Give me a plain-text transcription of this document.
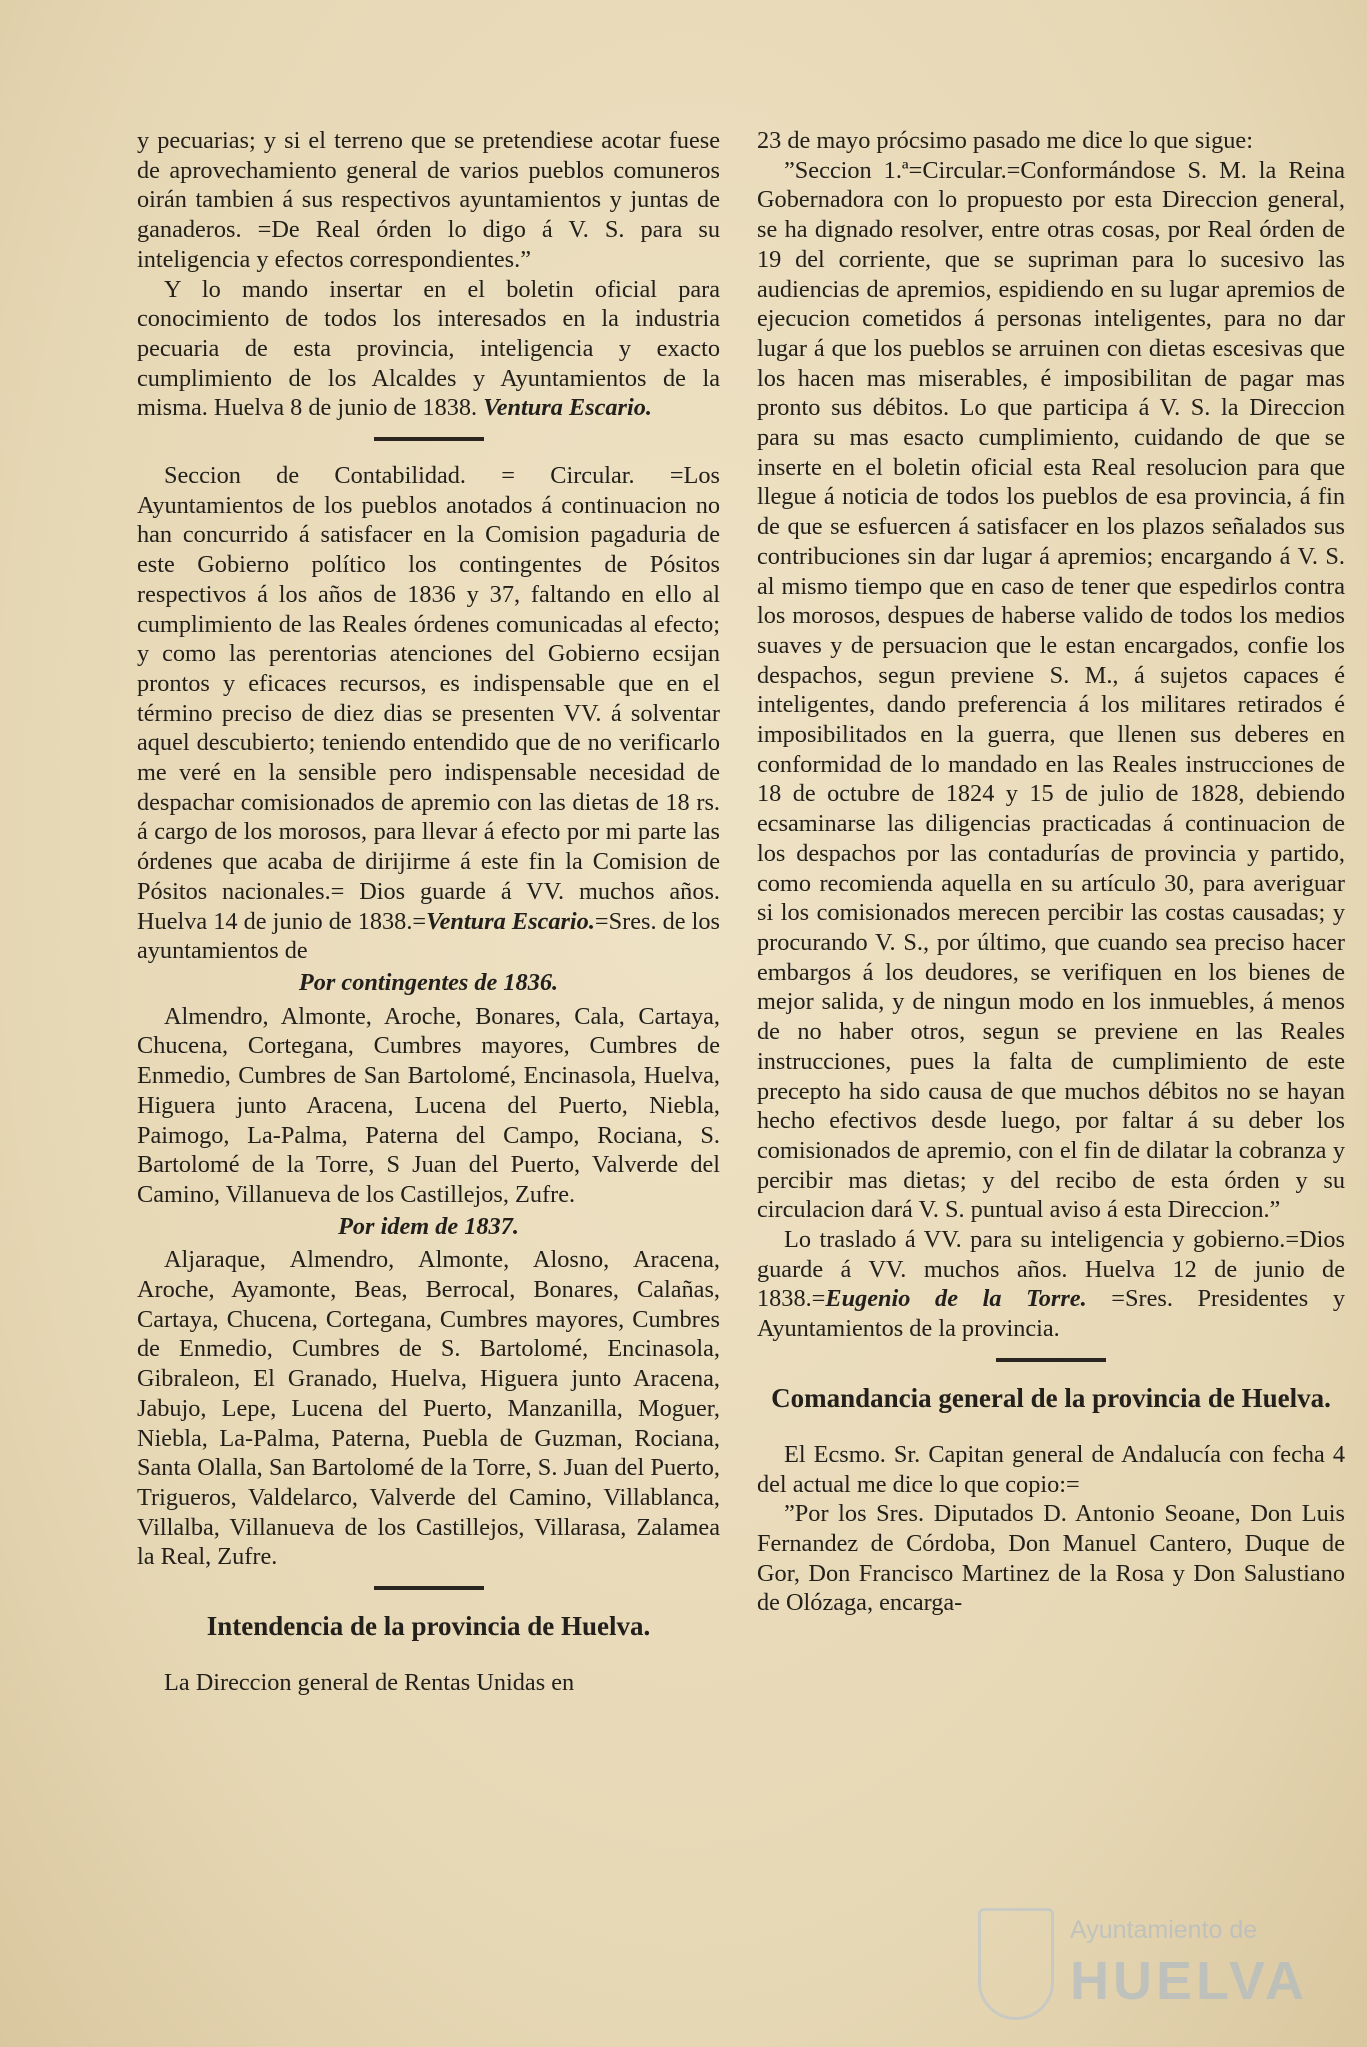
y pecuarias; y si el terreno que se pretendiese acotar fuese de aprovechamiento general de varios pueblos comuneros oirán tambien á sus respectivos ayuntamientos y juntas de ganaderos. =De Real órden lo digo á V. S. para su inteligencia y efectos correspondientes.”

Y lo mando insertar en el boletin oficial para conocimiento de todos los interesados en la industria pecuaria de esta provincia, inteligencia y exacto cumplimiento de los Alcaldes y Ayuntamientos de la misma. Huelva 8 de junio de 1838. Ventura Escario.

Seccion de Contabilidad. = Circular. =Los Ayuntamientos de los pueblos anotados á continuacion no han concurrido á satisfacer en la Comision pagaduria de este Gobierno político los contingentes de Pósitos respectivos á los años de 1836 y 37, faltando en ello al cumplimiento de las Reales órdenes comunicadas al efecto; y como las perentorias atenciones del Gobierno ecsijan prontos y eficaces recursos, es indispensable que en el término preciso de diez dias se presenten VV. á solventar aquel descubierto; teniendo entendido que de no verificarlo me veré en la sensible pero indispensable necesidad de despachar comisionados de apremio con las dietas de 18 rs. á cargo de los morosos, para llevar á efecto por mi parte las órdenes que acaba de dirijirme á este fin la Comision de Pósitos nacionales.= Dios guarde á VV. muchos años. Huelva 14 de junio de 1838.=Ventura Escario.=Sres. de los ayuntamientos de

Por contingentes de 1836.

Almendro, Almonte, Aroche, Bonares, Cala, Cartaya, Chucena, Cortegana, Cumbres mayores, Cumbres de Enmedio, Cumbres de San Bartolomé, Encinasola, Huelva, Higuera junto Aracena, Lucena del Puerto, Niebla, Paimogo, La-Palma, Paterna del Campo, Rociana, S. Bartolomé de la Torre, S Juan del Puerto, Valverde del Camino, Villanueva de los Castillejos, Zufre.

Por idem de 1837.

Aljaraque, Almendro, Almonte, Alosno, Aracena, Aroche, Ayamonte, Beas, Berrocal, Bonares, Calañas, Cartaya, Chucena, Cortegana, Cumbres mayores, Cumbres de Enmedio, Cumbres de S. Bartolomé, Encinasola, Gibraleon, El Granado, Huelva, Higuera junto Aracena, Jabujo, Lepe, Lucena del Puerto, Manzanilla, Moguer, Niebla, La-Palma, Paterna, Puebla de Guzman, Rociana, Santa Olalla, San Bartolomé de la Torre, S. Juan del Puerto, Trigueros, Valdelarco, Valverde del Camino, Villablanca, Villalba, Villanueva de los Castillejos, Villarasa, Zalamea la Real, Zufre.

Intendencia de la provincia de Huelva.

La Direccion general de Rentas Unidas en

23 de mayo prócsimo pasado me dice lo que sigue:

”Seccion 1.ª=Circular.=Conformándose S. M. la Reina Gobernadora con lo propuesto por esta Direccion general, se ha dignado resolver, entre otras cosas, por Real órden de 19 del corriente, que se supriman para lo sucesivo las audiencias de apremios, espidiendo en su lugar apremios de ejecucion cometidos á personas inteligentes, para no dar lugar á que los pueblos se arruinen con dietas escesivas que los hacen mas miserables, é imposibilitan de pagar mas pronto sus débitos. Lo que participa á V. S. la Direccion para su mas esacto cumplimiento, cuidando de que se inserte en el boletin oficial esta Real resolucion para que llegue á noticia de todos los pueblos de esa provincia, á fin de que se esfuercen á satisfacer en los plazos señalados sus contribuciones sin dar lugar á apremios; encargando á V. S. al mismo tiempo que en caso de tener que espedirlos contra los morosos, despues de haberse valido de todos los medios suaves y de persuacion que le estan encargados, confie los despachos, segun previene S. M., á sujetos capaces é inteligentes, dando preferencia á los militares retirados é imposibilitados en la guerra, que llenen sus deberes en conformidad de lo mandado en las Reales instrucciones de 18 de octubre de 1824 y 15 de julio de 1828, debiendo ecsaminarse las diligencias practicadas á continuacion de los despachos por las contadurías de provincia y partido, como recomienda aquella en su artículo 30, para averiguar si los comisionados merecen percibir las costas causadas; y procurando V. S., por último, que cuando sea preciso hacer embargos á los deudores, se verifiquen en los bienes de mejor salida, y de ningun modo en los inmuebles, á menos de no haber otros, segun se previene en las Reales instrucciones, pues la falta de cumplimiento de este precepto ha sido causa de que muchos débitos no se hayan hecho efectivos desde luego, por faltar á su deber los comisionados de apremio, con el fin de dilatar la cobranza y percibir mas dietas; y del recibo de esta órden y su circulacion dará V. S. puntual aviso á esta Direccion.”

Lo traslado á VV. para su inteligencia y gobierno.=Dios guarde á VV. muchos años. Huelva 12 de junio de 1838.=Eugenio de la Torre. =Sres. Presidentes y Ayuntamientos de la provincia.

Comandancia general de la provincia de Huelva.

El Ecsmo. Sr. Capitan general de Andalucía con fecha 4 del actual me dice lo que copio:=

”Por los Sres. Diputados D. Antonio Seoane, Don Luis Fernandez de Córdoba, Don Manuel Cantero, Duque de Gor, Don Francisco Martinez de la Rosa y Don Salustiano de Olózaga, encarga-

Ayuntamiento de
HUELVA
